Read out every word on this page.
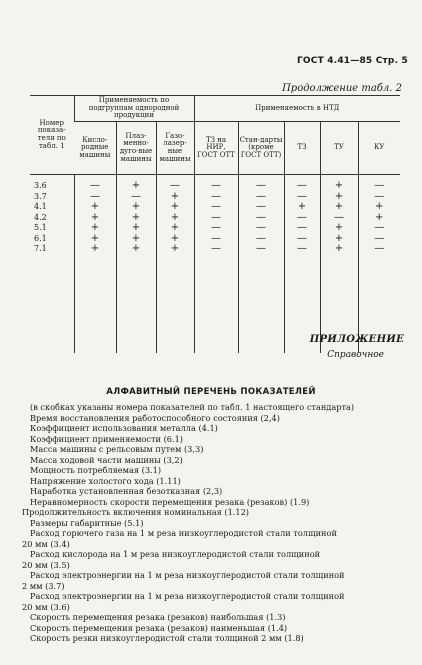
ГОСТ 4.41—85 Стр. 5
Продолжение табл. 2
Номер показа-теля по табл. 1	Применяемость по подгруппам однородной продукции			Применяемость в НТД				
	Кисло-родные машины	Плаз-менно-дуго-вые машины	Газо-лазер-ные машины	ТЗ на НИР, ГОСТ ОТТ	Стан-дарты (кроме ГОСТ ОТТ)	ТЗ	ТУ	КУ

3.6	—	+	—	—	—	—	+	—
3.7	—	—	+	—	—	—	+	—
4.1	+	+	+	—	—	+	+	+
4.2	+	+	+	—	—	—	—	+
5.1	+	+	+	—	—	—	+	—
6.1	+	+	+	—	—	—	+	—
7.1	+	+	+	—	—	—	+	—

ПРИЛОЖЕНИЕ
Справочное
АЛФАВИТНЫЙ ПЕРЕЧЕНЬ ПОКАЗАТЕЛЕЙ
(в скобках указаны номера показателей по табл. 1 настоящего стандарта)
Время восстановления работоспособного состояния (2,4)
Коэффициент использования металла (4.1)
Коэффициент применяемости (6.1)
Масса машины с рельсовым путем (3,3)
Масса ходовой части машины (3,2)
Мощность потребляемая (3.1)
Напряжение холостого хода (1.11)
Наработка установленная безотказная (2,3)
Неравномерность скорости перемещения резака (резаков) (1.9)
Продолжительность включения номинальная (1.12)
Размеры габаритные (5.1)
Расход горючего газа на 1 м реза низкоуглеродистой стали толщиной
20 мм (3.4)
Расход кислорода на 1 м реза низкоуглеродистой стали толщиной
20 мм (3.5)
Расход электроэнергии на 1 м реза низкоуглеродистой стали толщиной
2 мм (3.7)
Расход электроэнергии на 1 м реза низкоуглеродистой стали толщиной
20 мм (3.6)
Скорость перемещения резака (резаков) наибольшая (1.3)
Скорость перемещения резака (резаков) наименьшая (1.4)
Скорость резки низкоуглеродистой стали толщиной 2 мм (1.8)
